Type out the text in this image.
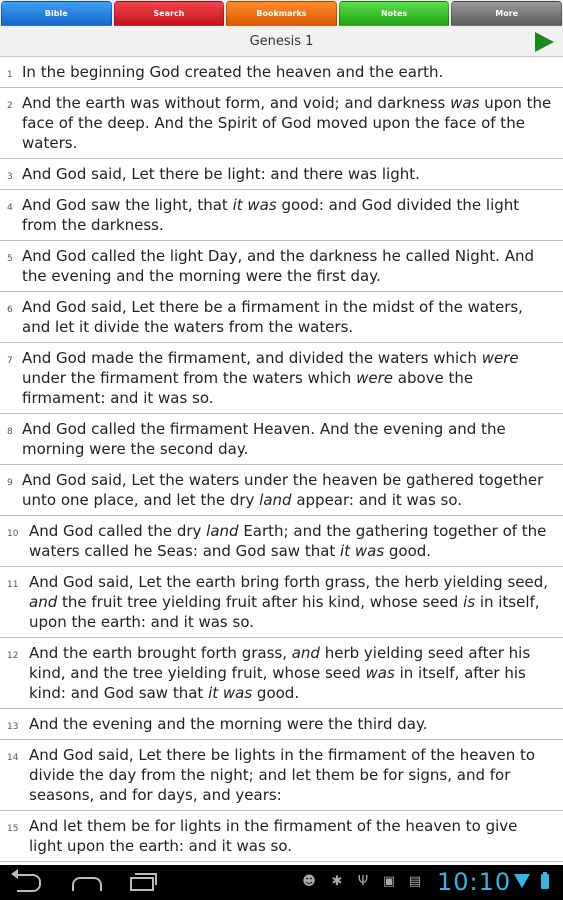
Bible	Search	Bookmarks	Notes	More
Genesis 1
1 In the beginning God created the heaven and the earth.
2 And the earth was without form, and void; and darkness was upon the face of the deep. And the Spirit of God moved upon the face of the waters.
3 And God said, Let there be light: and there was light.
4 And God saw the light, that it was good: and God divided the light from the darkness.
5 And God called the light Day, and the darkness he called Night. And the evening and the morning were the first day.
6 And God said, Let there be a firmament in the midst of the waters, and let it divide the waters from the waters.
7 And God made the firmament, and divided the waters which were under the firmament from the waters which were above the firmament: and it was so.
8 And God called the firmament Heaven. And the evening and the morning were the second day.
9 And God said, Let the waters under the heaven be gathered together unto one place, and let the dry land appear: and it was so.
10 And God called the dry land Earth; and the gathering together of the waters called he Seas: and God saw that it was good.
11 And God said, Let the earth bring forth grass, the herb yielding seed, and the fruit tree yielding fruit after his kind, whose seed is in itself, upon the earth: and it was so.
12 And the earth brought forth grass, and herb yielding seed after his kind, and the tree yielding fruit, whose seed was in itself, after his kind: and God saw that it was good.
13 And the evening and the morning were the third day.
14 And God said, Let there be lights in the firmament of the heaven to divide the day from the night; and let them be for signs, and for seasons, and for days, and years:
15 And let them be for lights in the firmament of the heaven to give light upon the earth: and it was so.
☻ ✱ Ψ ▣ ▤ 10:10
